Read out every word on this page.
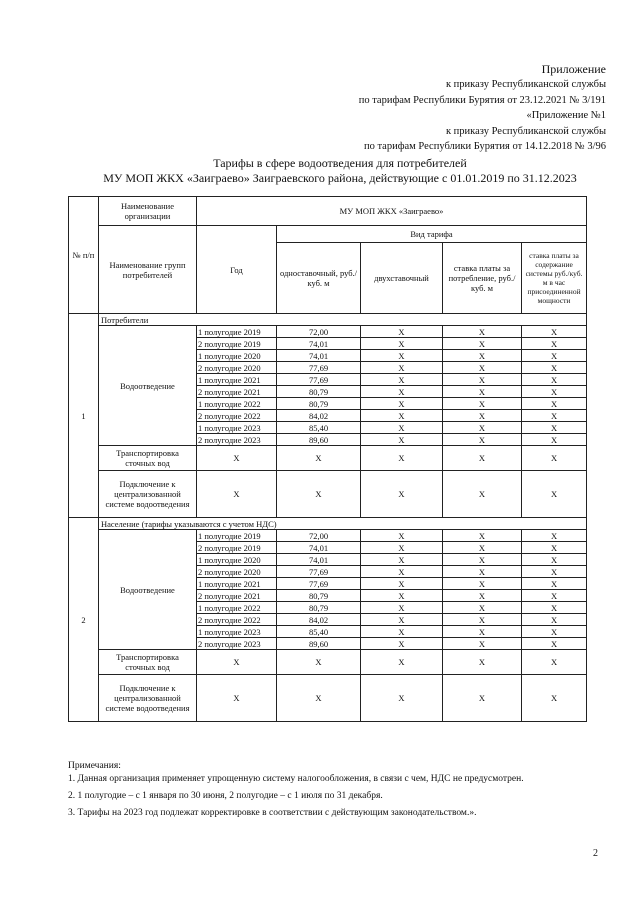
Приложение
к приказу Республиканской службы
по тарифам Республики Бурятия от 23.12.2021 № 3/191
«Приложение №1
к приказу Республиканской службы
по тарифам Республики Бурятия от 14.12.2018 № 3/96
Тарифы в сфере водоотведения для потребителей
МУ МОП ЖКХ «Заиграево» Заиграевского района, действующие с 01.01.2019 по 31.12.2023
№ п/п	Наименование организации	МУ МОП ЖКХ «Заиграево»				
	Наименование групп потребителей	Год	Вид тарифа			
			одноставочный, руб./ куб. м	двухставочный	ставка платы за потребление, руб./ куб. м	ставка платы за содержание системы руб./куб. м в час присоединенной мощности
1	Потребители					
	Водоотведение	1 полугодие 2019	72,00	X	X	X
		2 полугодие 2019	74,01	X	X	X
		1 полугодие 2020	74,01	X	X	X
		2 полугодие 2020	77,69	X	X	X
		1 полугодие 2021	77,69	X	X	X
		2 полугодие 2021	80,79	X	X	X
		1 полугодие 2022	80,79	X	X	X
		2 полугодие 2022	84,02	X	X	X
		1 полугодие 2023	85,40	X	X	X
		2 полугодие 2023	89,60	X	X	X
	Транспортировка сточных вод	X	X	X	X	X
	Подключение к централизованной системе водоотведения	X	X	X	X	X
2	Население (тарифы указываются с учетом НДС)					
	Водоотведение	1 полугодие 2019	72,00	X	X	X
		2 полугодие 2019	74,01	X	X	X
		1 полугодие 2020	74,01	X	X	X
		2 полугодие 2020	77,69	X	X	X
		1 полугодие 2021	77,69	X	X	X
		2 полугодие 2021	80,79	X	X	X
		1 полугодие 2022	80,79	X	X	X
		2 полугодие 2022	84,02	X	X	X
		1 полугодие 2023	85,40	X	X	X
		2 полугодие 2023	89,60	X	X	X
	Транспортировка сточных вод	X	X	X	X	X
	Подключение к централизованной системе водоотведения	X	X	X	X	X

Примечания:

1. Данная организация применяет упрощенную систему налогообложения, в связи с чем, НДС не предусмотрен.

2. 1 полугодие – с 1 января по 30 июня, 2 полугодие – с 1 июля по 31 декабря.

3. Тарифы на 2023 год подлежат корректировке в соответствии с действующим законодательством.».

2
